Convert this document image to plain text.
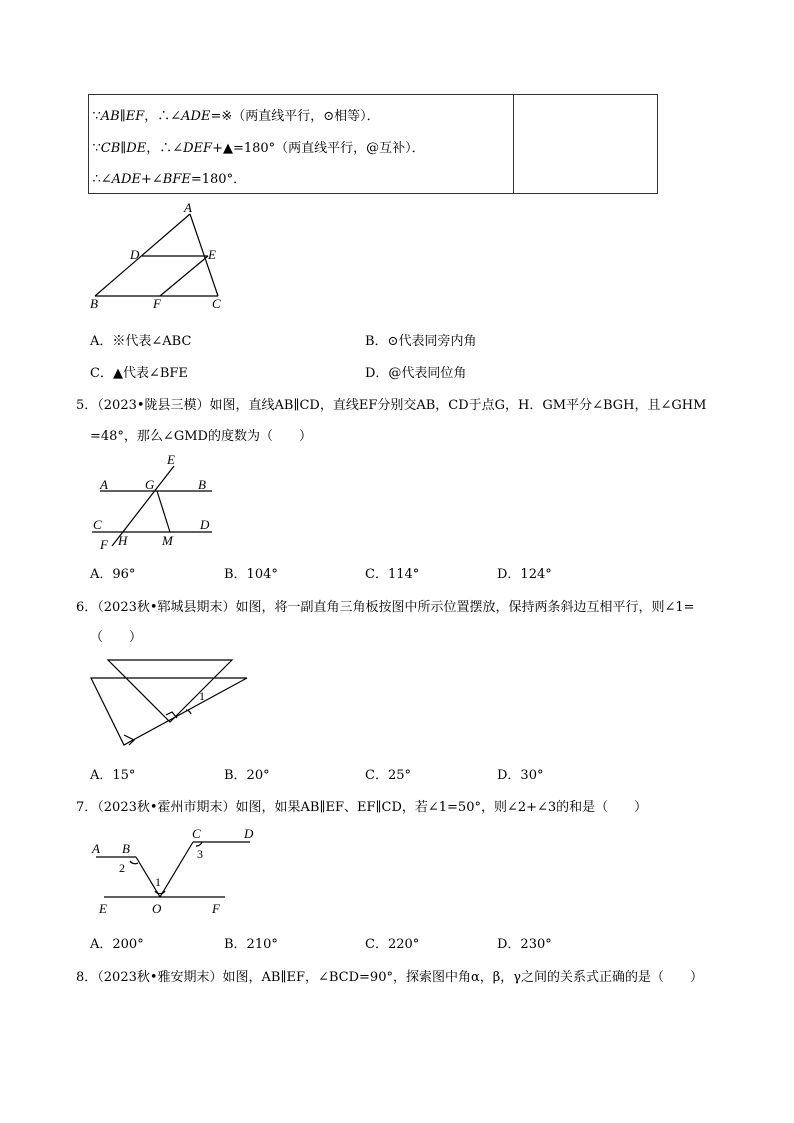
∵AB∥EF，∴∠ADE=※（两直线平行，⊙相等）．
∵CB∥DE，∴∠DEF+▲=180°（两直线平行，@互补）．
∴∠ADE+∠BFE=180°．

A
D	E
B	F	C
A．※代表∠ABC	B．⊙代表同旁内角
C．▲代表∠BFE	D．@代表同位角
5．（2023•陇县三模）如图，直线AB∥CD，直线EF分别交AB，CD于点G，H．GM平分∠BGH，且∠GHM
=48°，那么∠GMD的度数为（　　）
E
A	G	B
C	D
F H	M
A．96°	B．104°	C．114°	D．124°
6．（2023秋•郓城县期末）如图，将一副直角三角板按图中所示位置摆放，保持两条斜边互相平行，则∠1=
（　　）
1
A．15°	B．20°	C．25°	D．30°
7．（2023秋•霍州市期末）如图，如果AB∥EF、EF∥CD，若∠1=50°，则∠2+∠3的和是（　　）
A B
C	D
2
1
3
E	O	F
A．200°	B．210°	C．220°	D．230°
8．（2023秋•雅安期末）如图，AB∥EF，∠BCD=90°，探索图中角α，β，γ之间的关系式正确的是（　　）
